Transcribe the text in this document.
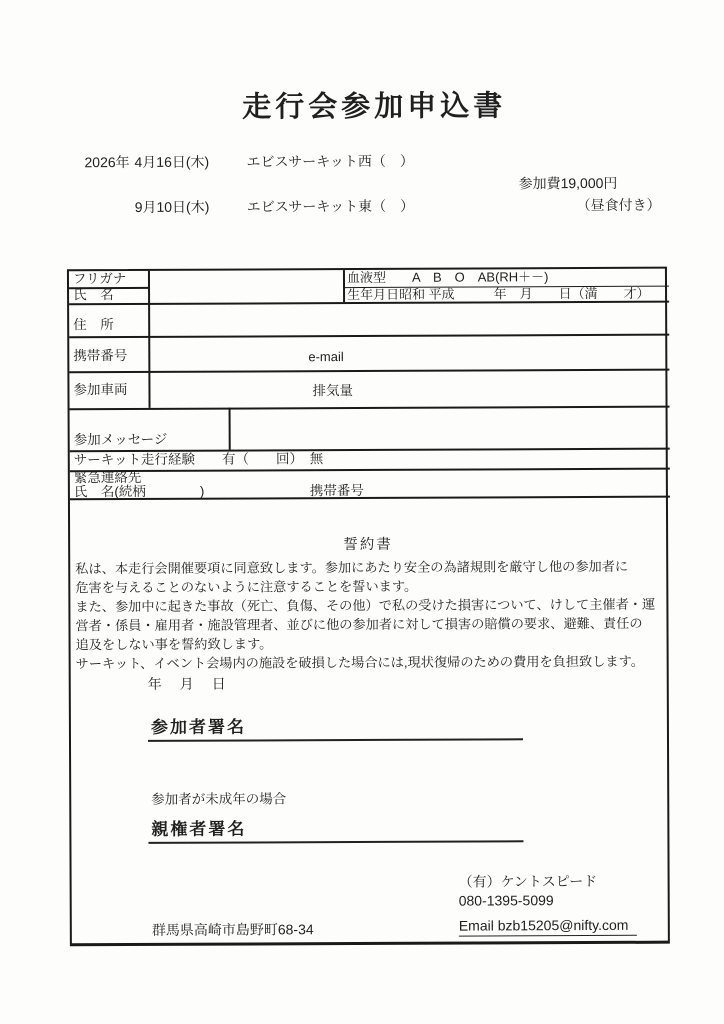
走行会参加申込書
2026年 4月16日(木)	エビスサーキット西（　）
参加費19,000円
9月10日(木)	エビスサーキット東（　）	（昼食付き）
フリガナ
氏　名
血液型　　A　B　O　AB(RH＋－)
生年月日昭和 平成　　　年　月　　日（満　　才）
住　所
携帯番号	e-mail
参加車両	排気量
参加メッセージ
サーキット走行経験　　有（　　回）　無
緊急連絡先
氏　名(続柄　　　　)	携帯番号
誓約書
私は、本走行会開催要項に同意致します。参加にあたり安全の為諸規則を厳守し他の参加者に
危害を与えることのないように注意することを誓います。
また、参加中に起きた事故（死亡、負傷、その他）で私の受けた損害について、けして主催者・運
営者・係員・雇用者・施設管理者、並びに他の参加者に対して損害の賠償の要求、避難、責任の
追及をしない事を誓約致します。
サーキット、イベント会場内の施設を破損した場合には,現状復帰のための費用を負担致します。
年　月　日
参加者署名
参加者が未成年の場合
親権者署名
（有）ケントスピード
080-1395-5099
群馬県高崎市島野町68-34	Email bzb15205@nifty.com
